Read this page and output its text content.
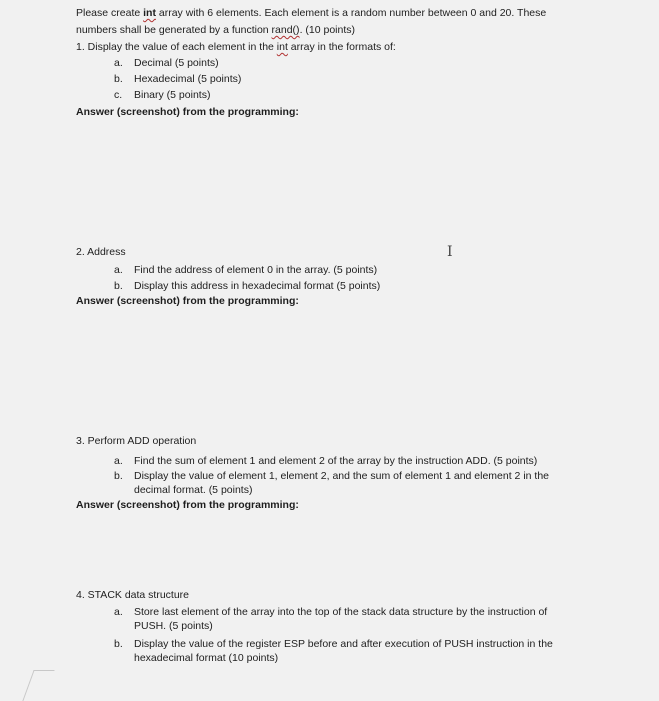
Please create int array with 6 elements. Each element is a random number between 0 and 20. These
numbers shall be generated by a function rand(). (10 points)
1. Display the value of each element in the int array in the formats of:
a. Decimal (5 points)
b. Hexadecimal (5 points)
c. Binary (5 points)
Answer (screenshot) from the programming:
2. Address	I
a. Find the address of element 0 in the array. (5 points)
b. Display this address in hexadecimal format (5 points)
Answer (screenshot) from the programming:
3. Perform ADD operation
a. Find the sum of element 1 and element 2 of the array by the instruction ADD. (5 points)
b. Display the value of element 1, element 2, and the sum of element 1 and element 2 in the
decimal format. (5 points)
Answer (screenshot) from the programming:
4. STACK data structure
a. Store last element of the array into the top of the stack data structure by the instruction of
PUSH. (5 points)
b. Display the value of the register ESP before and after execution of PUSH instruction in the
hexadecimal format (10 points)
